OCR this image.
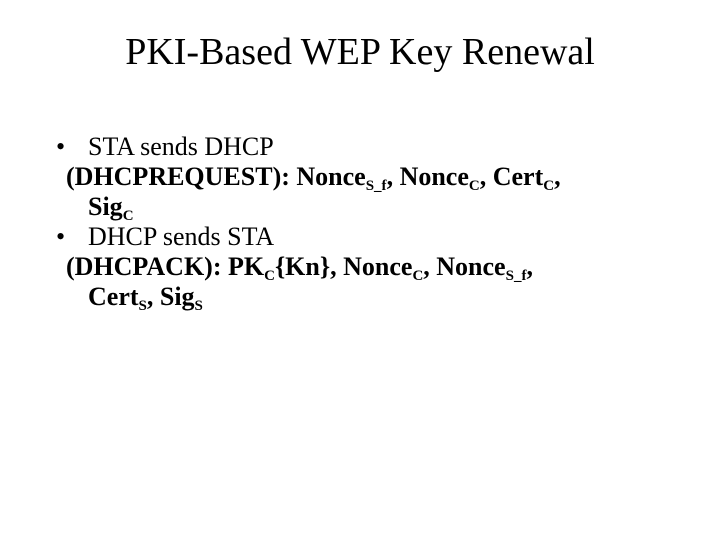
PKI-Based WEP Key Renewal
• STA sends DHCP
(DHCPREQUEST): Nonce$_{S\_f}$, Nonce$_C$, Cert$_C$,
Sig$_C$
• DHCP sends STA
(DHCPACK): $PK_C\{Kn\}$, Nonce$_C$, Nonce$_{S\_f}$,
Cert$_S$, Sig$_S$
